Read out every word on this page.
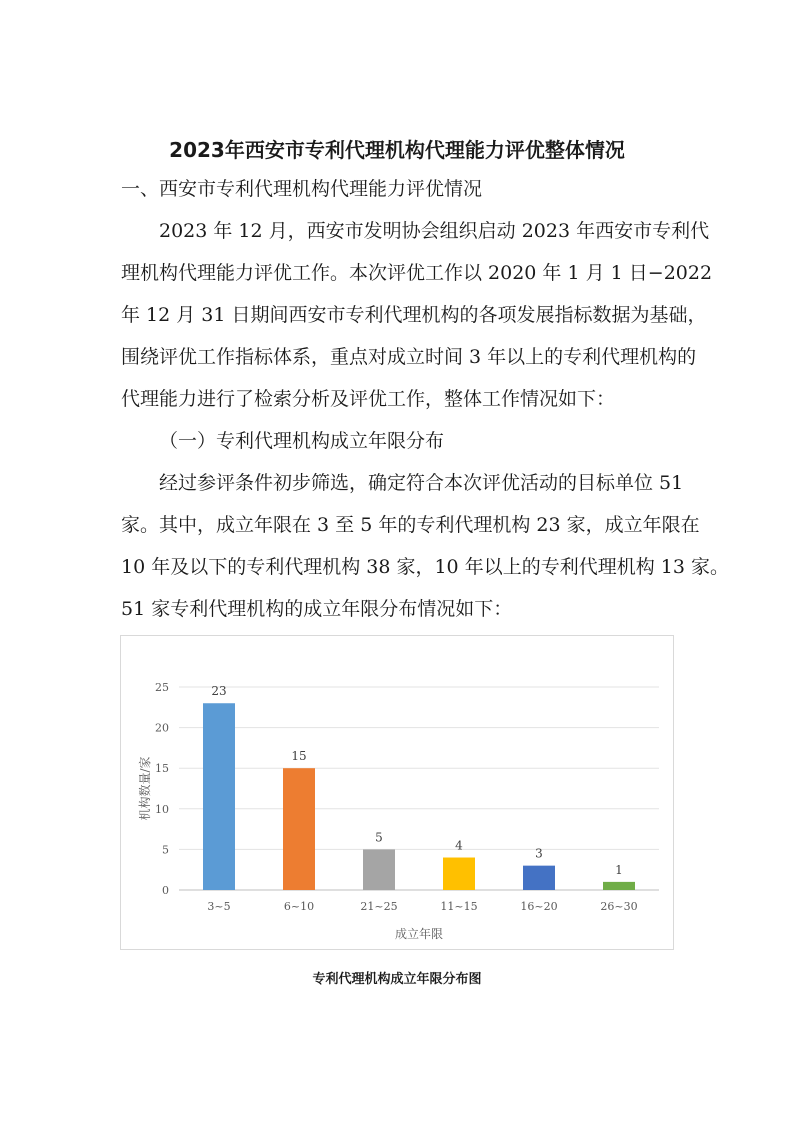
2023年西安市专利代理机构代理能力评优整体情况

一、西安市专利代理机构代理能力评优情况

2023 年 12 月，西安市发明协会组织启动 2023 年西安市专利代

理机构代理能力评优工作。本次评优工作以 2020 年 1 月 1 日−2022

年 12 月 31 日期间西安市专利代理机构的各项发展指标数据为基础，

围绕评优工作指标体系，重点对成立时间 3 年以上的专利代理机构的

代理能力进行了检索分析及评优工作，整体工作情况如下：

（一）专利代理机构成立年限分布

经过参评条件初步筛选，确定符合本次评优活动的目标单位 51

家。其中，成立年限在 3 至 5 年的专利代理机构 23 家，成立年限在

10 年及以下的专利代理机构 38 家，10 年以上的专利代理机构 13 家。

51 家专利代理机构的成立年限分布情况如下：

23
15
5
4
3
1
0
5
10
15
20
25
3~5	6~10	21~25	11~15	16~20	26~30
机构数量/家
成立年限

专利代理机构成立年限分布图
